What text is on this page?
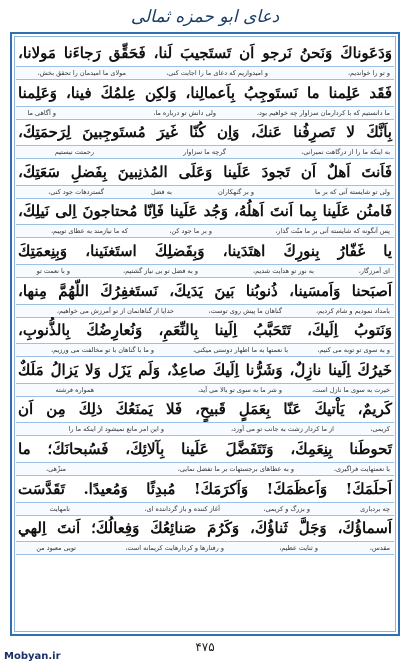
دعای ابو حمزه ثمالی
وَدَعَوناكَ وَنَحنُ نَرجو اَن تَستَجيبَ لَنا، فَحَقِّق رَجاءَنا مَولانا،
و تو را خواندیم،
و امیدواریم که دعای ما را اجابت کنی،
مولای ما امیدمان را تحقق بخش،
فَقَد عَلِمنا ما نَستَوجِبُ بِاَعمالِنا، وَلكِن عِلمُكَ فينا، وَعَلِمنا
ما دانستیم که با کردارمان سزاوار چه خواهیم بود،
ولی دانش تو درباره ما،
و آگاهی ما
بِاَنَّكَ لا تَصرِفُنا عَنكَ، وَاِن كُنّا غَيرَ مُستَوجِبينَ لِرَحمَتِكَ،
به اینکه ما را از درگاهت نمیرانی،
گرچه ما سزاوار
رحمتت نیستیم
فَاَنتَ اَهلٌ اَن تَجودَ عَلَينا وَعَلَى المُذنِبينَ بِفَضلِ سَعَتِكَ،
ولی تو شایسته آنی که بر ما
و بر گنهکاران
به فضل
گستردهات جود کنی،
فَامنُن عَلَينا بِما اَنتَ اَهلُهُ، وَجُد عَلَينا فَاِنّا مُحتاجونَ اِلى نَيلِكَ،
پس آنگونه که شایسته آنی بر ما منّت گذار،
و بر ما جود کن،
که ما نیازمند به عطای توییم،
يا غَفّارُ بِنورِكَ اهتَدَينا، وَبِفَضلِكَ استَغنَينا، وَبِنِعمَتِكَ
ای آمرزگار،
به نور تو هدایت شدیم،
و به فضل تو بی نیاز گشتیم،
و با نعمت تو
اَصبَحنا وَاَمسَينا، ذُنوبُنا بَينَ يَدَيكَ، نَستَغفِرُكَ اللّهُمَّ مِنها،
بامداد نمودیم و شام کردیم،
گناهان ما پیش روی توست،
خدایا از گناهانمان از تو آمرزش می خواهیم،
وَنَتوبُ اِلَيكَ، تَتَحَبَّبُ اِلَينا بِالنِّعَمِ، وَنُعارِضُكَ بِالذُّنوبِ،
و به سوی تو توبه می کنیم،
با نعمتها به ما اظهار دوستی میکنی،
و ما با گناهان با تو مخالفت می ورزیم،
خَيرُكَ اِلَينا نازِلٌ، وَشَرُّنا اِلَيكَ صاعِدٌ، وَلَم يَزَل وَلا يَزالُ مَلَكٌ
خیرت به سوی ما نازل است،
و شر ما به سوی تو بالا می آید،
همواره فرشته
كَريمٌ، يَاْتيكَ عَنّا بِعَمَلٍ قَبيحٍ، فَلا يَمنَعُكَ ذلِكَ مِن اَن
کریمی،
از ما کردار زشت به جانب تو می آورد،
و این امر مانع نمیشود از اینکه ما را
تَحوطَنا بِنِعَمِكَ، وَتَتَفَضَّلَ عَلَينا بِآلائِكَ، فَسُبحانَكَ؛ ما
با نعمتهایت فراگیری،
و به عطاهای برجستهات بر ما تفضل نمایی،
منزّهی،
اَحلَمَكَ! وَاَعظَمَكَ! وَاَكرَمَكَ! مُبدِئًا وَمُعيدًا. تَقَدَّسَت
چه بردباری
و بزرگ و کریمی،
آغاز کننده و باز گرداننده ای،
نامهایت
اَسماؤُكَ، وَجَلَّ ثَناؤُكَ، وَكَرُمَ صَنائِعُكَ وَفِعالُكَ؛ اَنتَ اِلهي
مقدس،
و ثنایت عظیم،
و رفتارها و کردارهایت کریمانه است،
تویی معبود من
۴۷۵
Mobyan.ir
